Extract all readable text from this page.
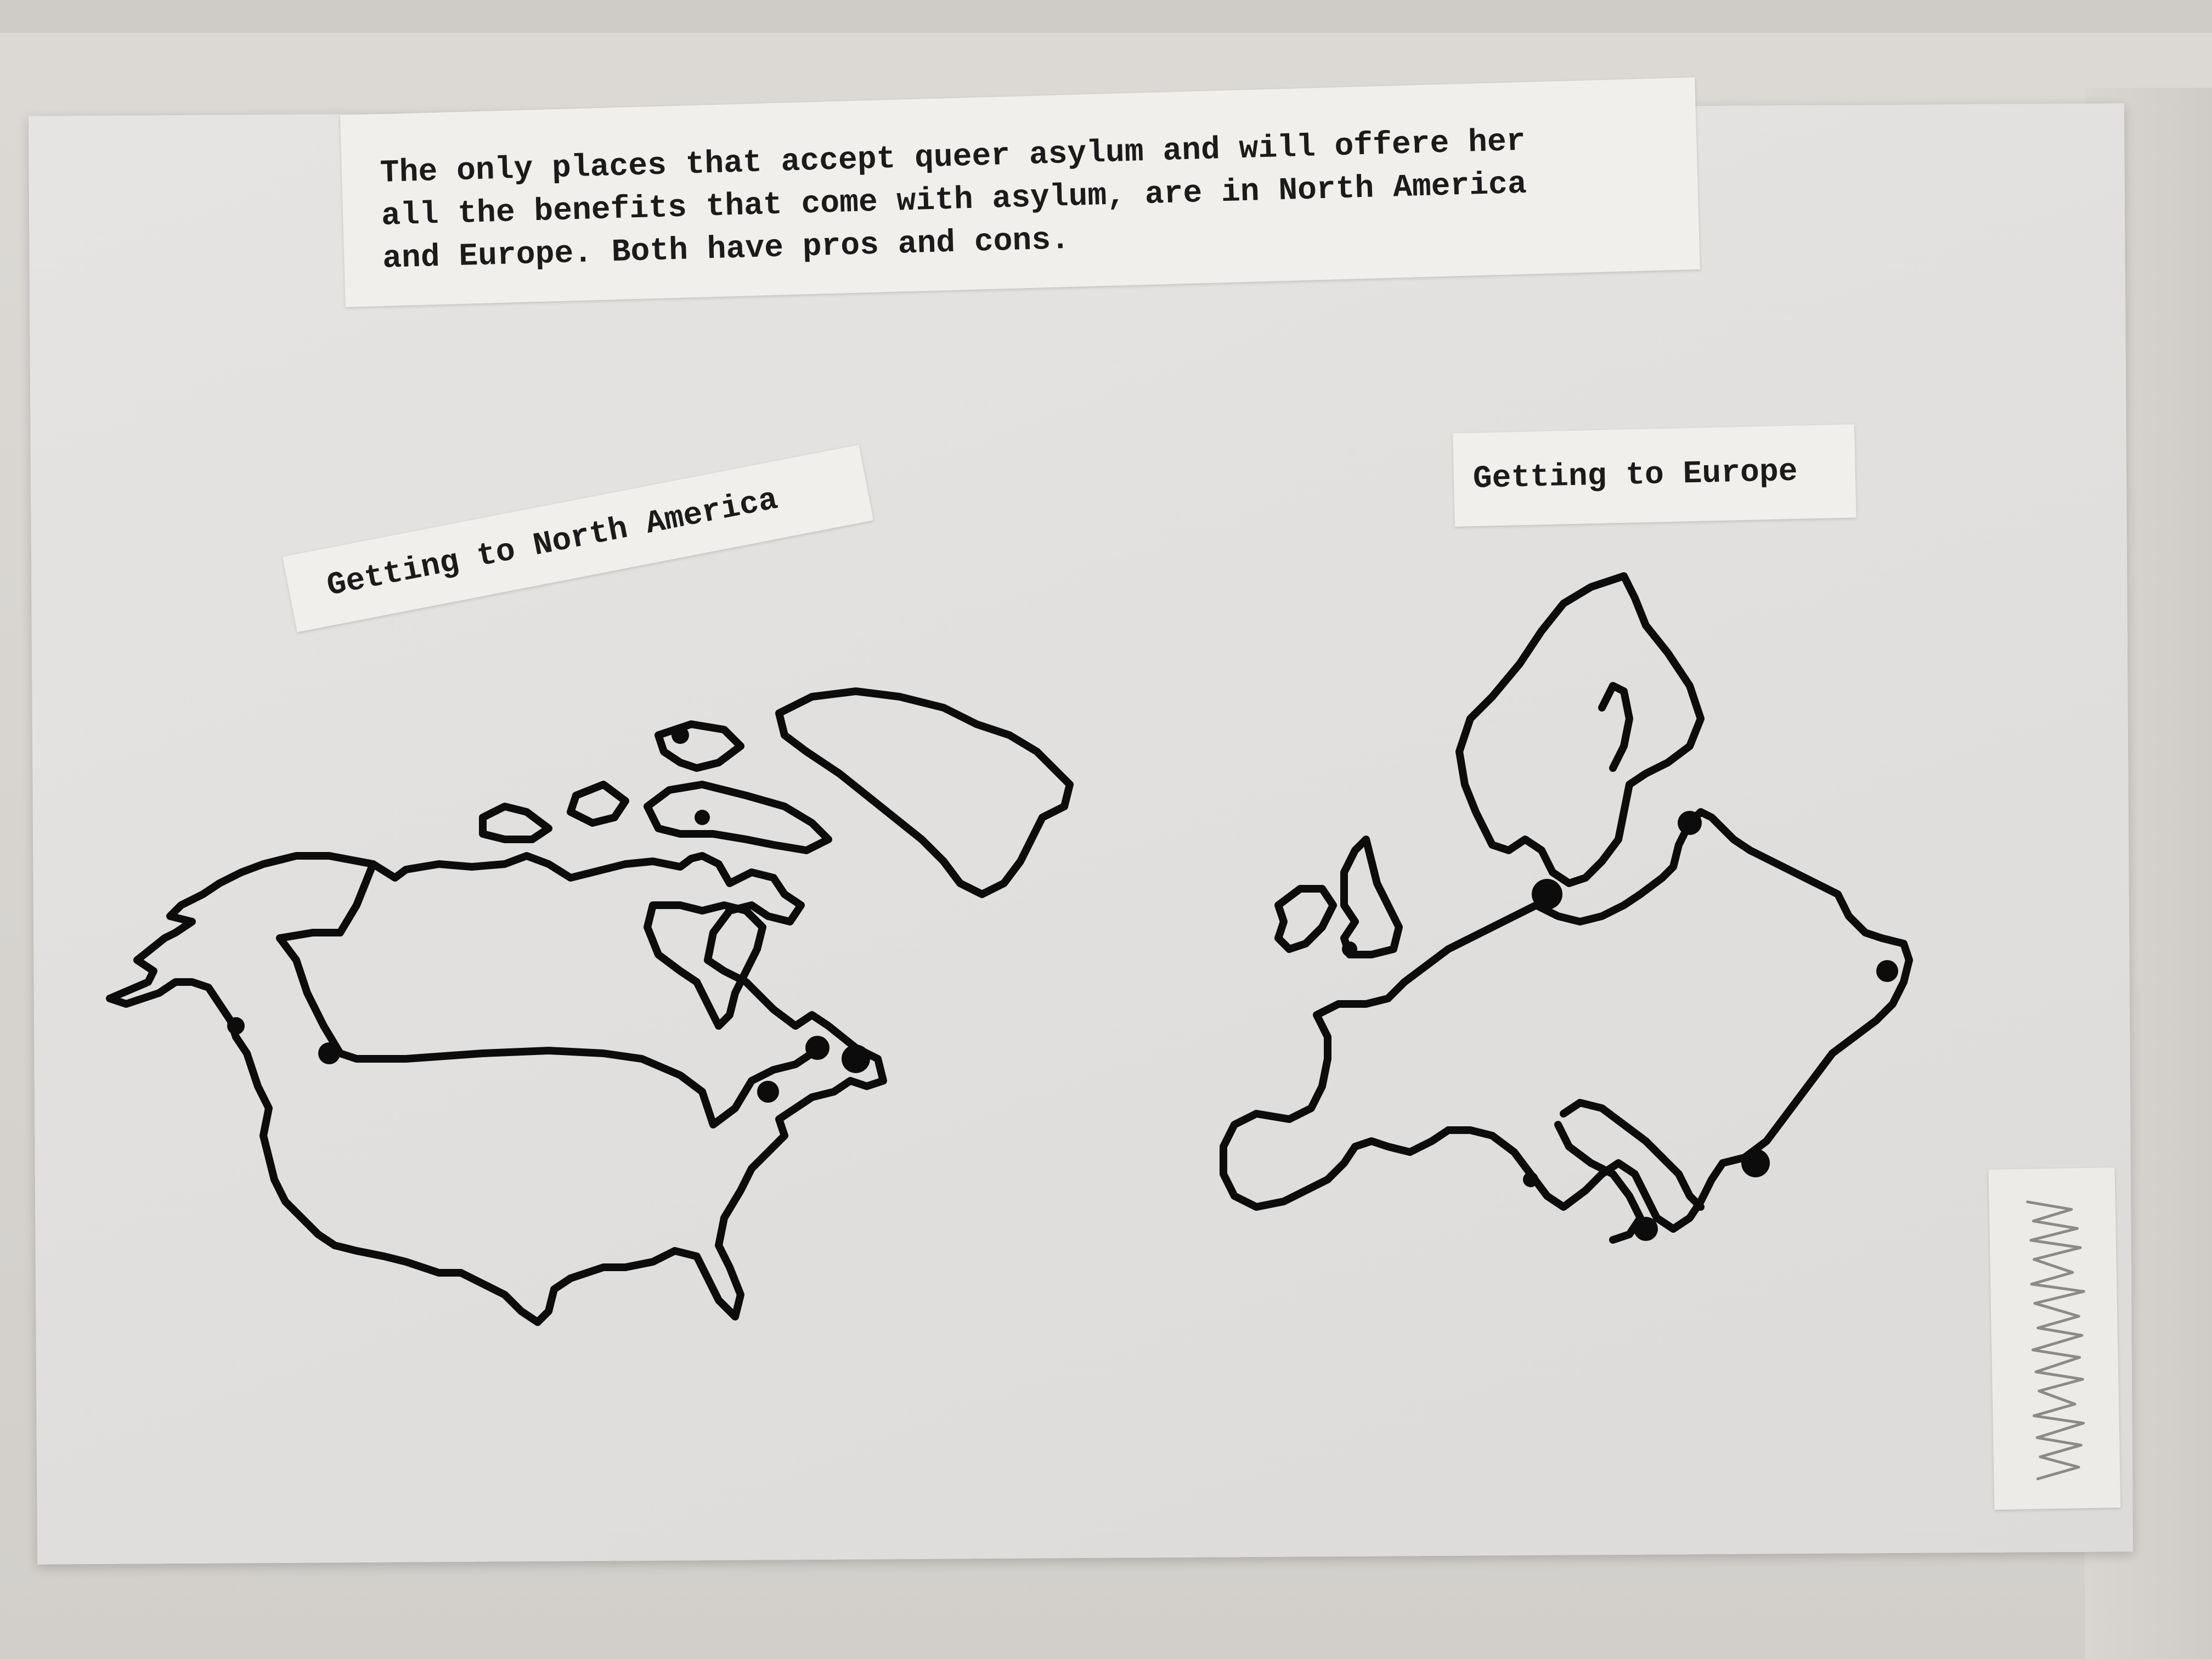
The only places that accept queer asylum and will offere her
all the benefits that come with asylum, are in North America
and Europe. Both have pros and cons.
Getting to North America
Getting to Europe
